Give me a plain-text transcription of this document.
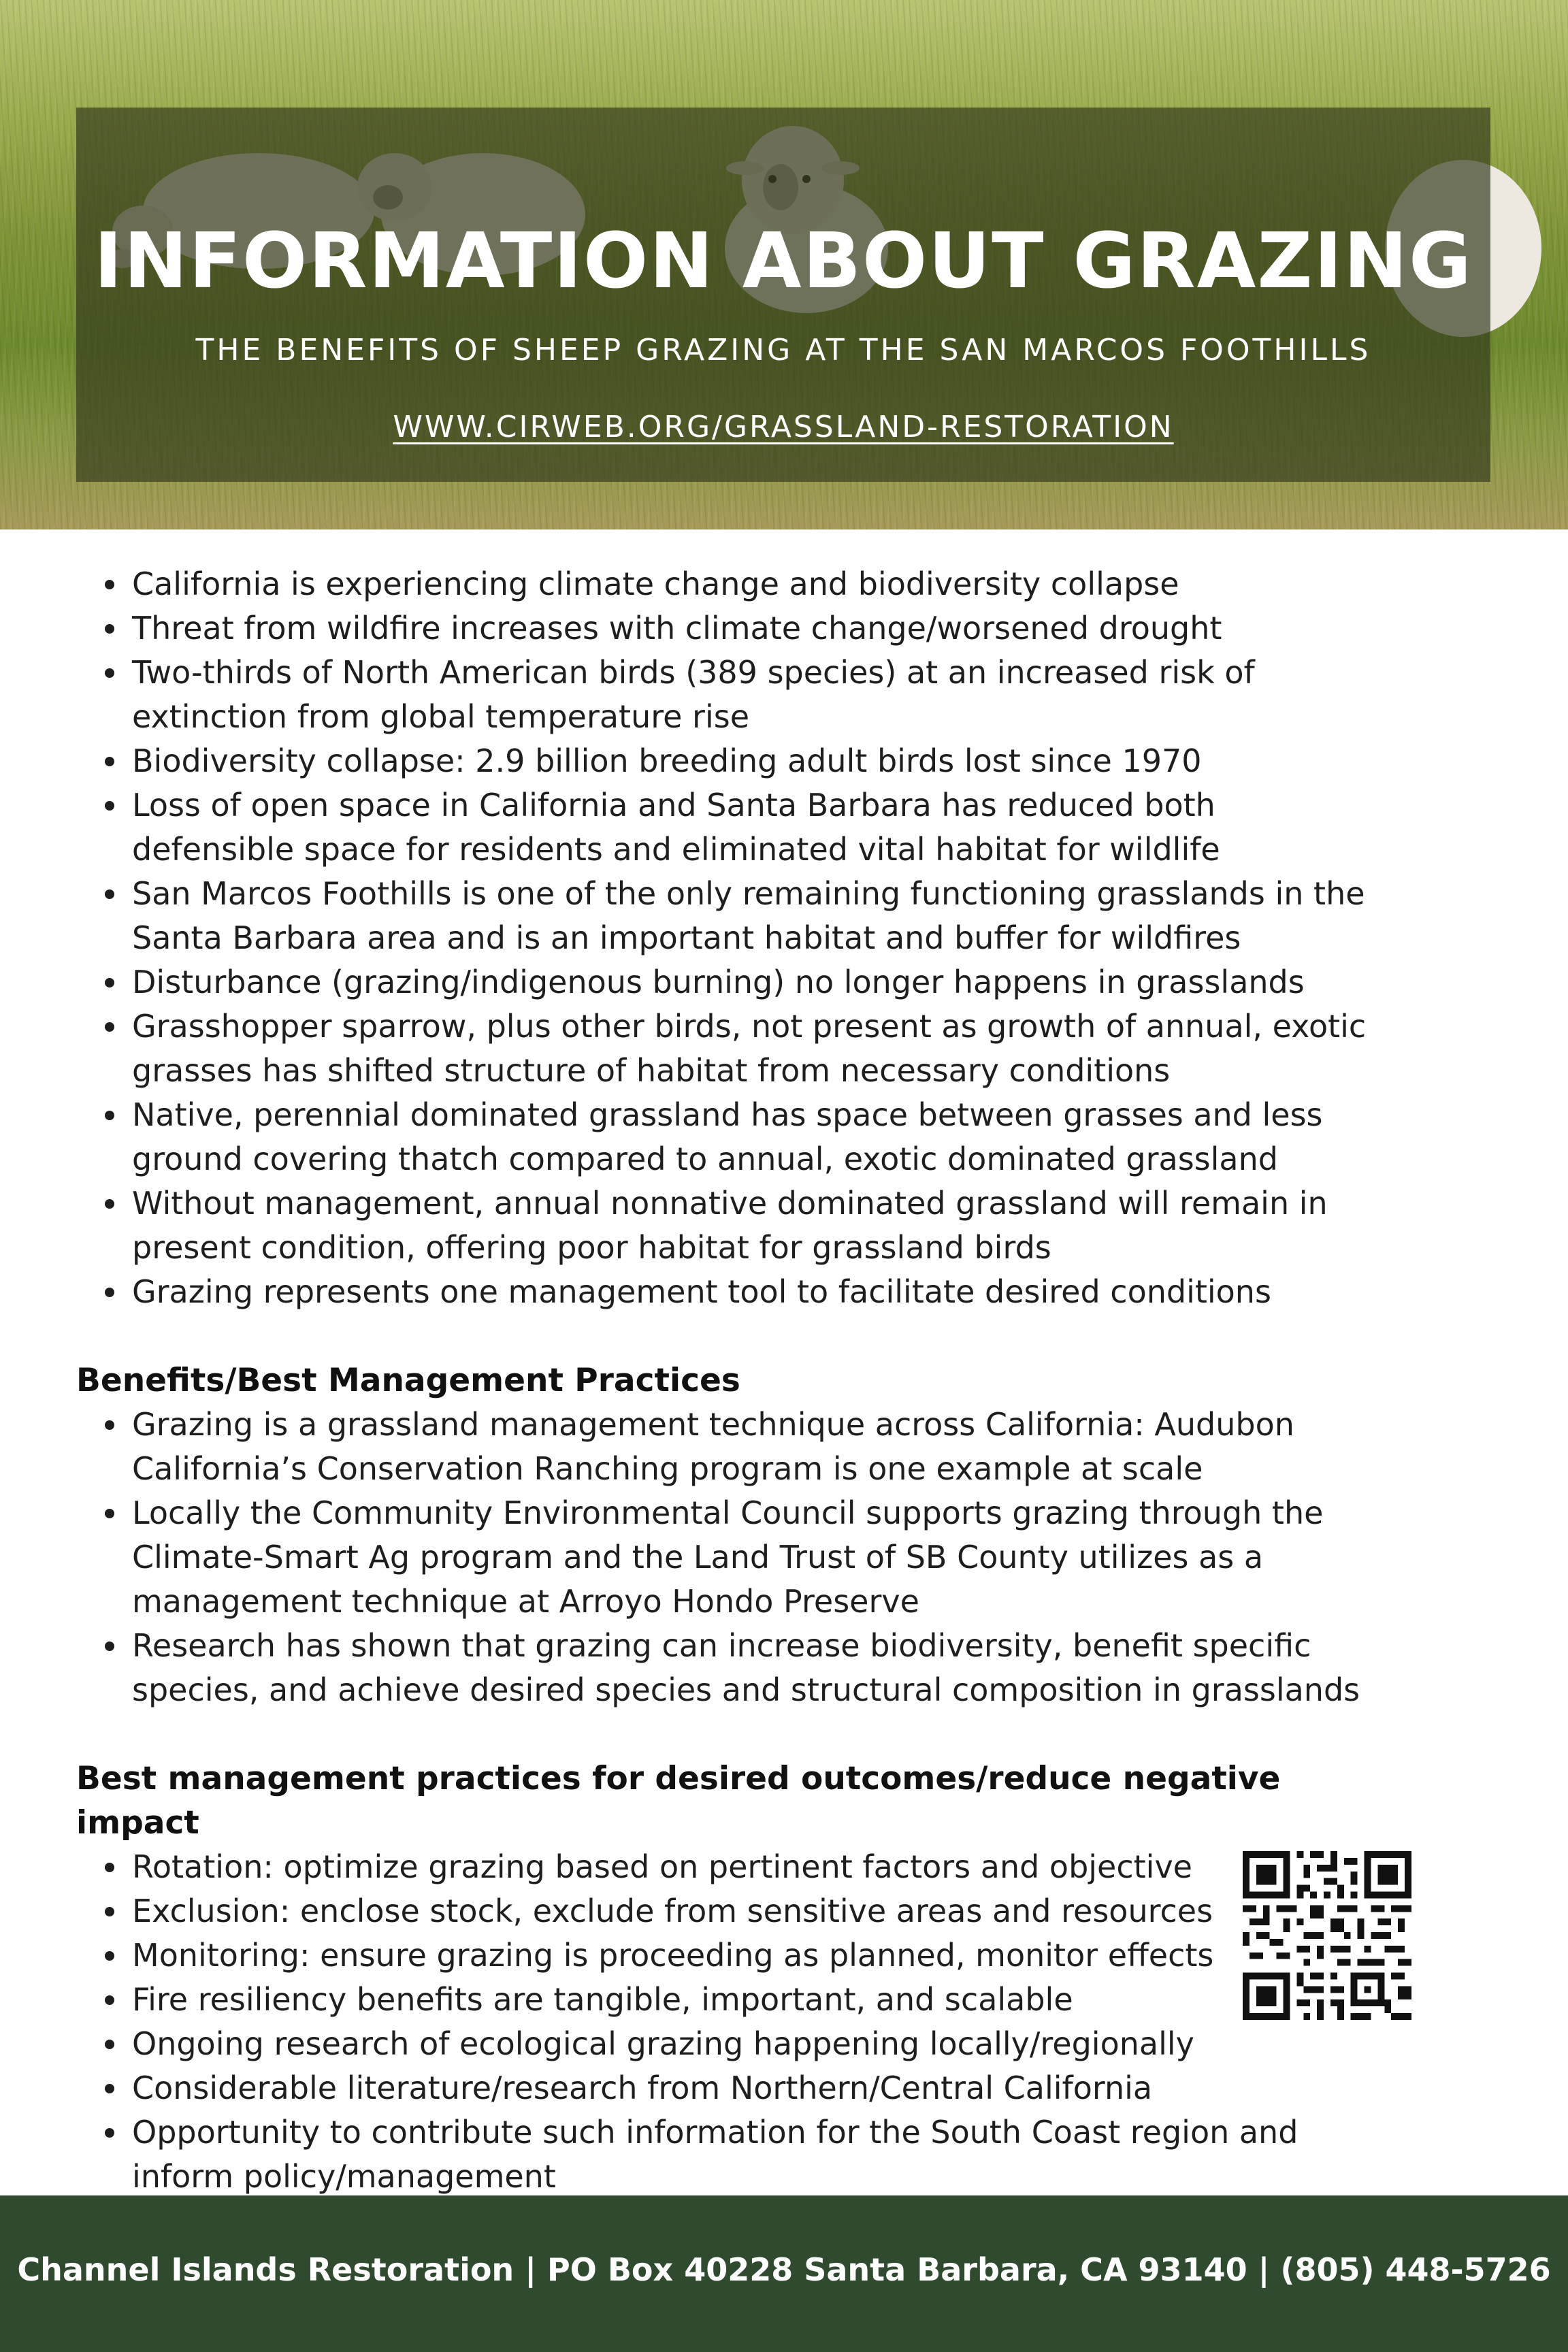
INFORMATION ABOUT GRAZING
THE BENEFITS OF SHEEP GRAZING AT THE SAN MARCOS FOOTHILLS
WWW.CIRWEB.ORG/GRASSLAND-RESTORATION
California is experiencing climate change and biodiversity collapse
Threat from wildfire increases with climate change/worsened drought
Two-thirds of North American birds (389 species) at an increased risk of extinction from global temperature rise
Biodiversity collapse: 2.9 billion breeding adult birds lost since 1970
Loss of open space in California and Santa Barbara has reduced both defensible space for residents and eliminated vital habitat for wildlife
San Marcos Foothills is one of the only remaining functioning grasslands in the Santa Barbara area and is an important habitat and buffer for wildfires
Disturbance (grazing/indigenous burning) no longer happens in grasslands
Grasshopper sparrow, plus other birds, not present as growth of annual, exotic grasses has shifted structure of habitat from necessary conditions
Native, perennial dominated grassland has space between grasses and less ground covering thatch compared to annual, exotic dominated grassland
Without management, annual nonnative dominated grassland will remain in present condition, offering poor habitat for grassland birds
Grazing represents one management tool to facilitate desired conditions
Benefits/Best Management Practices
Grazing is a grassland management technique across California: Audubon California’s Conservation Ranching program is one example at scale
Locally the Community Environmental Council supports grazing through the Climate-Smart Ag program and the Land Trust of SB County utilizes as a management technique at Arroyo Hondo Preserve
Research has shown that grazing can increase biodiversity, benefit specific species, and achieve desired species and structural composition in grasslands
Best management practices for desired outcomes/reduce negative impact
Rotation: optimize grazing based on pertinent factors and objective
Exclusion: enclose stock, exclude from sensitive areas and resources
Monitoring: ensure grazing is proceeding as planned, monitor effects
Fire resiliency benefits are tangible, important, and scalable
Ongoing research of ecological grazing happening locally/regionally
Considerable literature/research from Northern/Central California
Opportunity to contribute such information for the South Coast region and inform policy/management
Channel Islands Restoration | PO Box 40228 Santa Barbara, CA 93140 | (805) 448-5726
